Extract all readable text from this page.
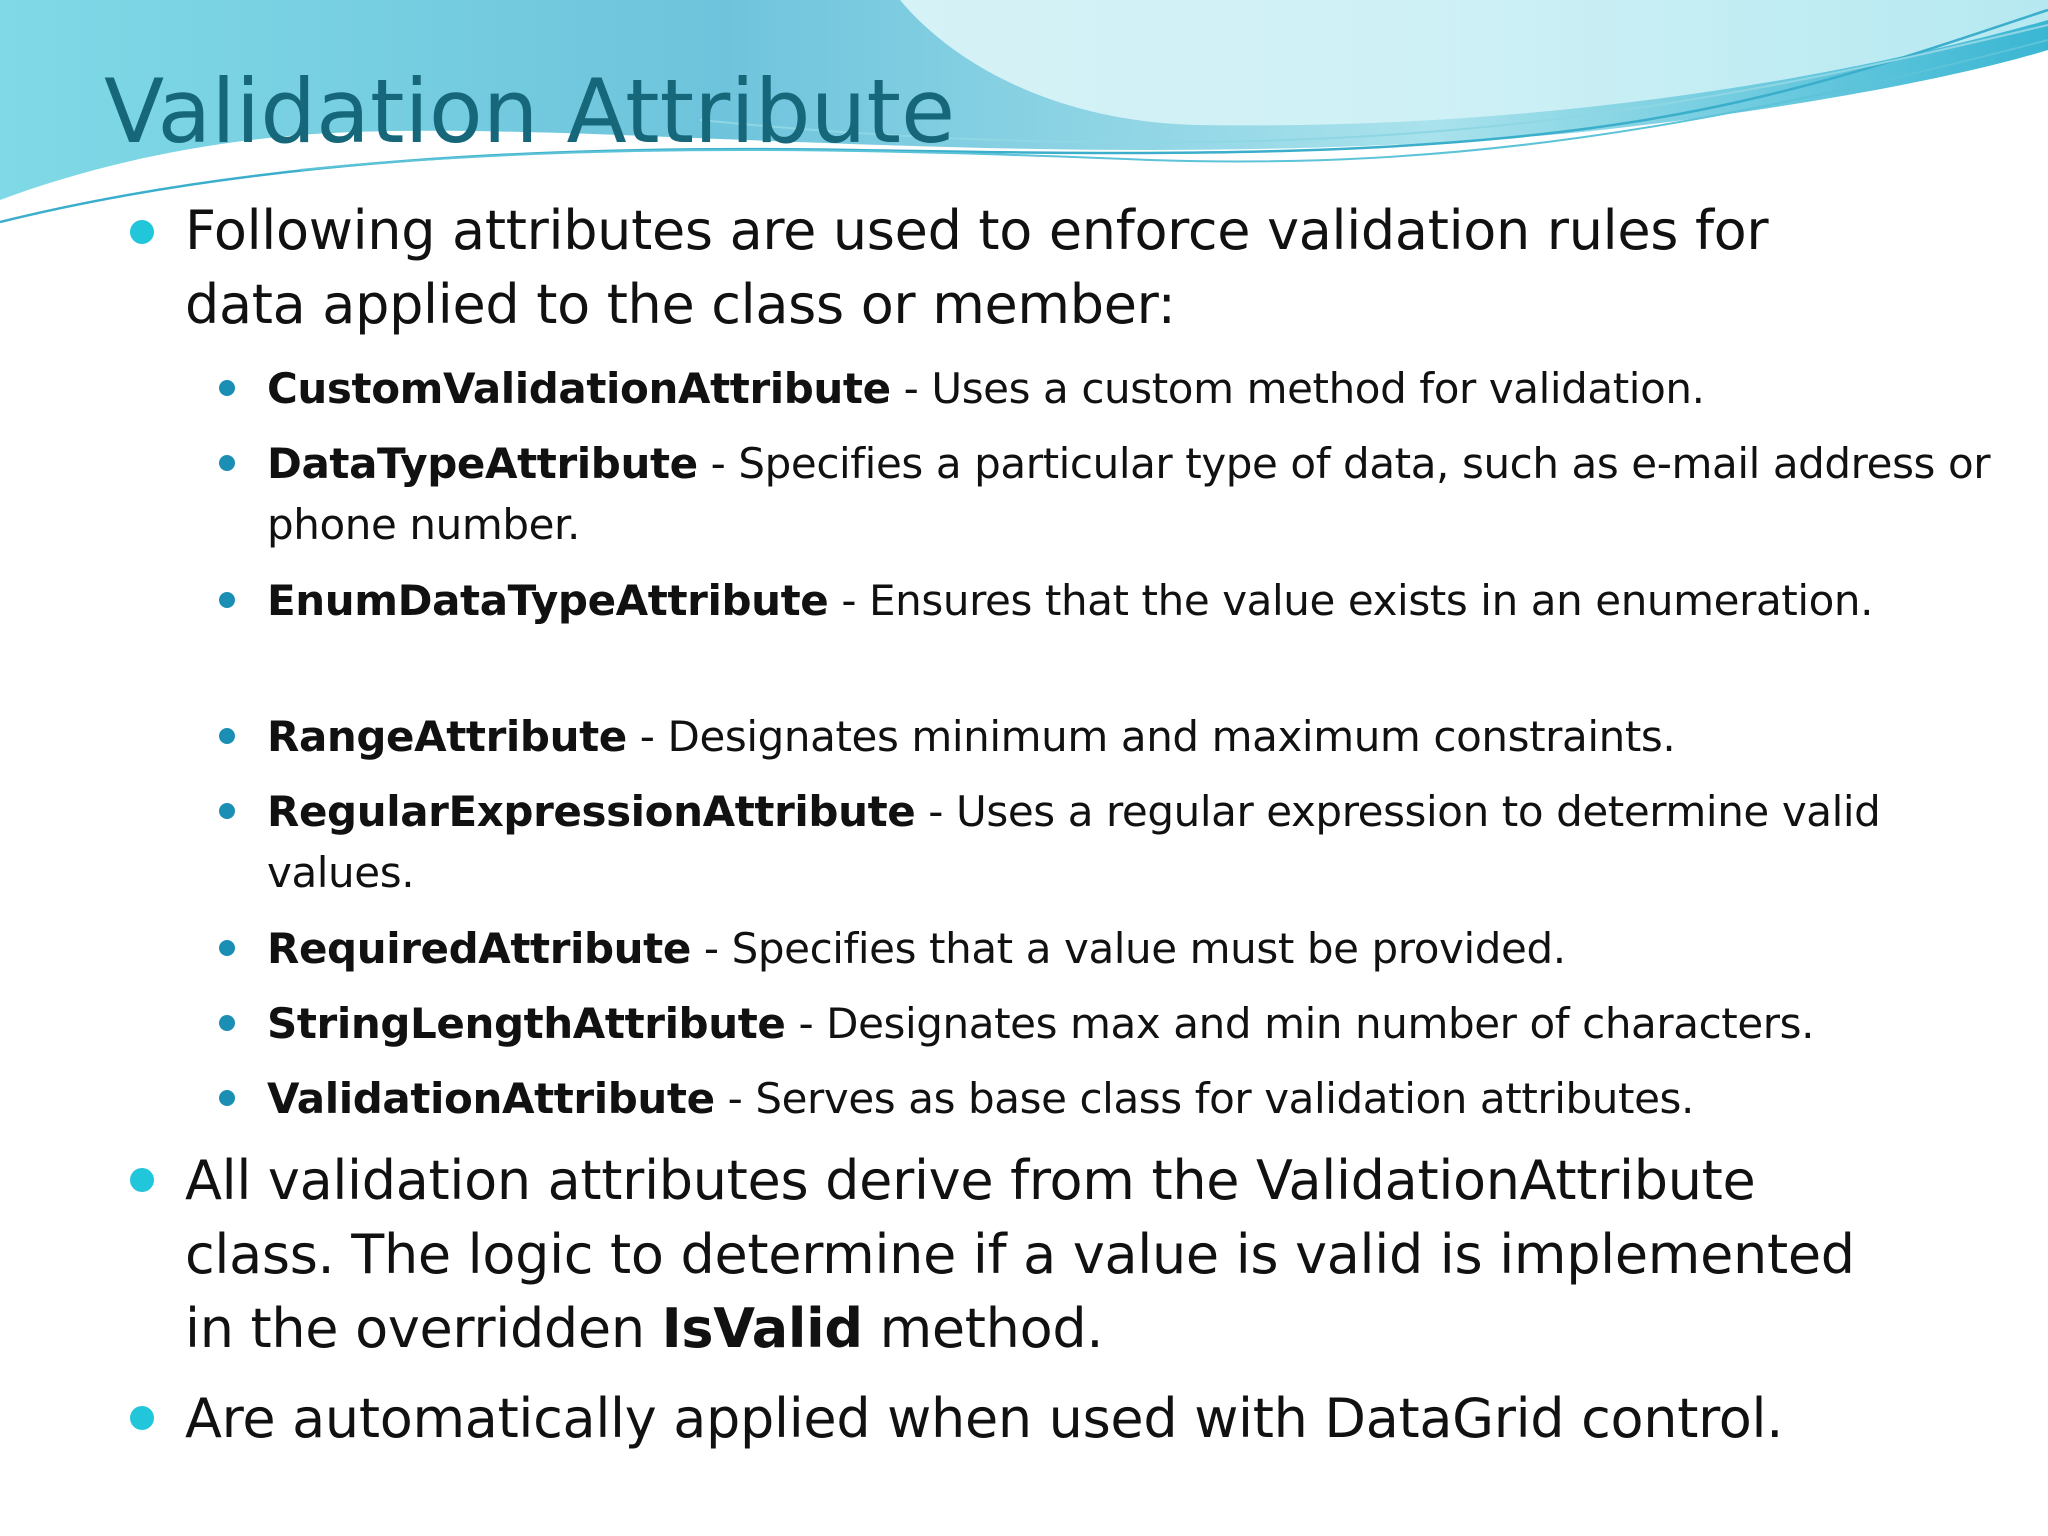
Validation Attribute
Following attributes are used to enforce validation rules for data applied to the class or member:
CustomValidationAttribute - Uses a custom method for validation.
DataTypeAttribute - Specifies a particular type of data, such as e-mail address or phone number.
EnumDataTypeAttribute - Ensures that the value exists in an enumeration.
RangeAttribute - Designates minimum and maximum constraints.
RegularExpressionAttribute - Uses a regular expression to determine valid values.
RequiredAttribute - Specifies that a value must be provided.
StringLengthAttribute - Designates max and min number of characters.
ValidationAttribute - Serves as base class for validation attributes.
All validation attributes derive from the ValidationAttribute class. The logic to determine if a value is valid is implemented in the overridden IsValid method.
Are automatically applied when used with DataGrid control.
